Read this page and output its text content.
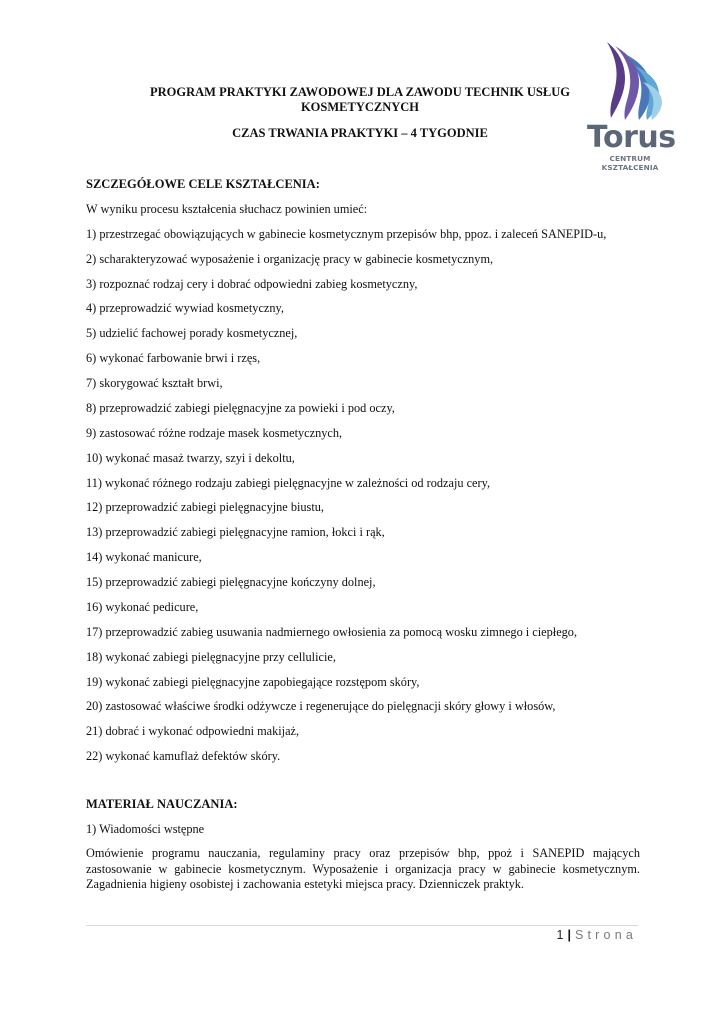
Torus
CENTRUM KSZTAŁCENIA
PROGRAM PRAKTYKI ZAWODOWEJ DLA ZAWODU TECHNIK USŁUG
KOSMETYCZNYCH
CZAS TRWANIA PRAKTYKI – 4 TYGODNIE
SZCZEGÓŁOWE CELE KSZTAŁCENIA:
W wyniku procesu kształcenia słuchacz powinien umieć:
1) przestrzegać obowiązujących w gabinecie kosmetycznym przepisów bhp, ppoz. i zaleceń SANEPID-u,
2) scharakteryzować wyposażenie i organizację pracy w gabinecie kosmetycznym,
3) rozpoznać rodzaj cery i dobrać odpowiedni zabieg kosmetyczny,
4) przeprowadzić wywiad kosmetyczny,
5) udzielić fachowej porady kosmetycznej,
6) wykonać farbowanie brwi i rzęs,
7) skorygować kształt brwi,
8) przeprowadzić zabiegi pielęgnacyjne za powieki i pod oczy,
9) zastosować różne rodzaje masek kosmetycznych,
10) wykonać masaż twarzy, szyi i dekoltu,
11) wykonać różnego rodzaju zabiegi pielęgnacyjne w zależności od rodzaju cery,
12) przeprowadzić zabiegi pielęgnacyjne biustu,
13) przeprowadzić zabiegi pielęgnacyjne ramion, łokci i rąk,
14) wykonać manicure,
15) przeprowadzić zabiegi pielęgnacyjne kończyny dolnej,
16) wykonać pedicure,
17) przeprowadzić zabieg usuwania nadmiernego owłosienia za pomocą wosku zimnego i ciepłego,
18) wykonać zabiegi pielęgnacyjne przy cellulicie,
19) wykonać zabiegi pielęgnacyjne zapobiegające rozstępom skóry,
20) zastosować właściwe środki odżywcze i regenerujące do pielęgnacji skóry głowy i włosów,
21) dobrać i wykonać odpowiedni makijaż,
22) wykonać kamuflaż defektów skóry.
MATERIAŁ NAUCZANIA:
1) Wiadomości wstępne
Omówienie programu nauczania, regulaminy pracy oraz przepisów bhp, ppoż i SANEPID mających zastosowanie w gabinecie kosmetycznym. Wyposażenie i organizacja pracy w gabinecie kosmetycznym. Zagadnienia higieny osobistej i zachowania estetyki miejsca pracy. Dzienniczek praktyk.
1 | Strona
